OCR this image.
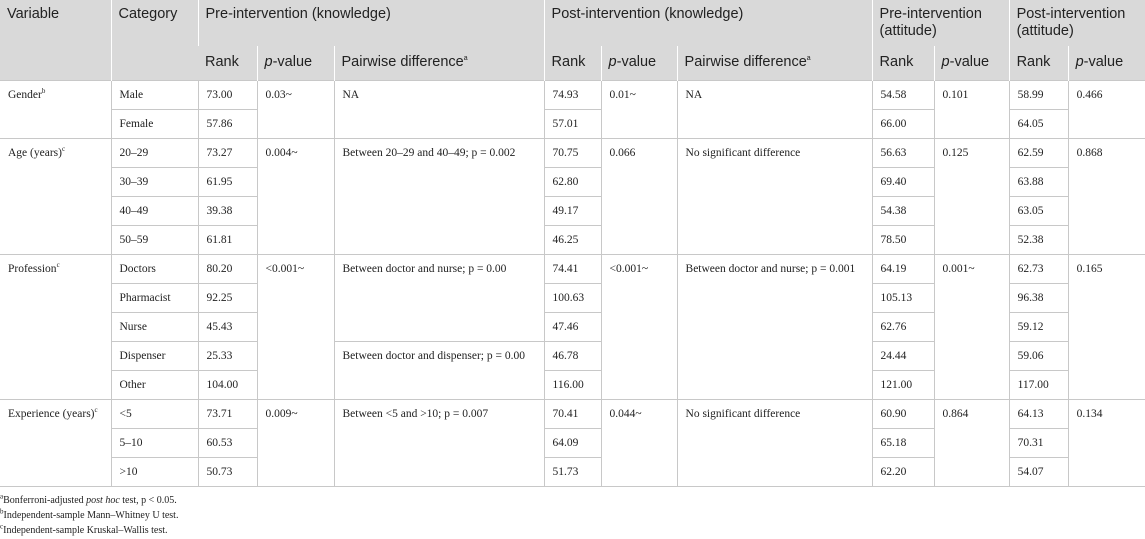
Variable	Category	Pre-intervention (knowledge)			Post-intervention (knowledge)			Pre-intervention (attitude)		Post-intervention (attitude)	
		Rank	p-value	Pairwise difference$^a$	Rank	p-value	Pairwise difference$^a$	Rank	p-value	Rank	p-value
Gender$^b$	Male	73.00	0.03~	NA	74.93	0.01~	NA	54.58	0.101	58.99	0.466
	Female	57.86			57.01			66.00		64.05	
Age (years)$^c$	20–29	73.27	0.004~	Between 20–29 and 40–49; p = 0.002	70.75	0.066	No significant difference	56.63	0.125	62.59	0.868
	30–39	61.95			62.80			69.40		63.88	
	40–49	39.38			49.17			54.38		63.05	
	50–59	61.81			46.25			78.50		52.38	
Profession$^c$	Doctors	80.20	<0.001~	Between doctor and nurse; p = 0.00	74.41	<0.001~	Between doctor and nurse; p = 0.001	64.19	0.001~	62.73	0.165
	Pharmacist	92.25			100.63			105.13		96.38	
	Nurse	45.43			47.46			62.76		59.12	
	Dispenser	25.33		Between doctor and dispenser; p = 0.00	46.78			24.44		59.06	
	Other	104.00			116.00			121.00		117.00	
Experience (years)$^c$	<5	73.71	0.009~	Between <5 and >10; p = 0.007	70.41	0.044~	No significant difference	60.90	0.864	64.13	0.134
	5–10	60.53			64.09			65.18		70.31	
	>10	50.73			51.73			62.20		54.07	
$^a$Bonferroni-adjusted post hoc test, p < 0.05.
$^b$Independent-sample Mann–Whitney U test.
$^c$Independent-sample Kruskal–Wallis test.
